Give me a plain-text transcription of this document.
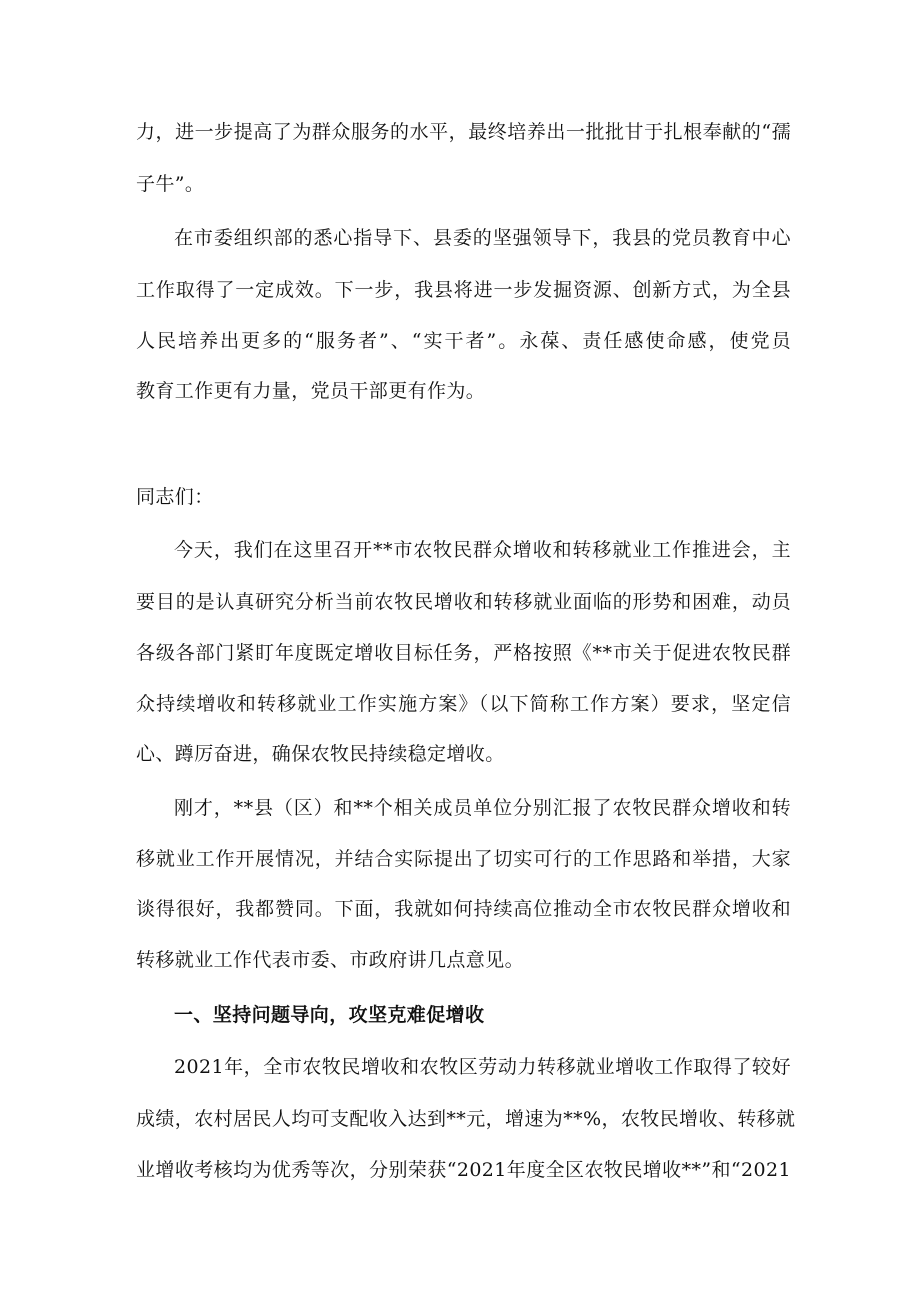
力，进一步提高了为群众服务的水平，最终培养出一批批甘于扎根奉献的“孺
子牛”。
在市委组织部的悉心指导下、县委的坚强领导下，我县的党员教育中心
工作取得了一定成效。下一步，我县将进一步发掘资源、创新方式，为全县
人民培养出更多的“服务者”、“实干者”。永葆、责任感使命感，使党员
教育工作更有力量，党员干部更有作为。
同志们：
今天，我们在这里召开**市农牧民群众增收和转移就业工作推进会，主
要目的是认真研究分析当前农牧民增收和转移就业面临的形势和困难，动员
各级各部门紧盯年度既定增收目标任务，严格按照《**市关于促进农牧民群
众持续增收和转移就业工作实施方案》（以下简称工作方案）要求，坚定信
心、蹲厉奋进，确保农牧民持续稳定增收。
刚才，**县（区）和**个相关成员单位分别汇报了农牧民群众增收和转
移就业工作开展情况，并结合实际提出了切实可行的工作思路和举措，大家
谈得很好，我都赞同。下面，我就如何持续高位推动全市农牧民群众增收和
转移就业工作代表市委、市政府讲几点意见。
一、坚持问题导向，攻坚克难促增收
2021年，全市农牧民增收和农牧区劳动力转移就业增收工作取得了较好
成绩，农村居民人均可支配收入达到**元，增速为**%，农牧民增收、转移就
业增收考核均为优秀等次，分别荣获“2021年度全区农牧民增收**”和“2021
